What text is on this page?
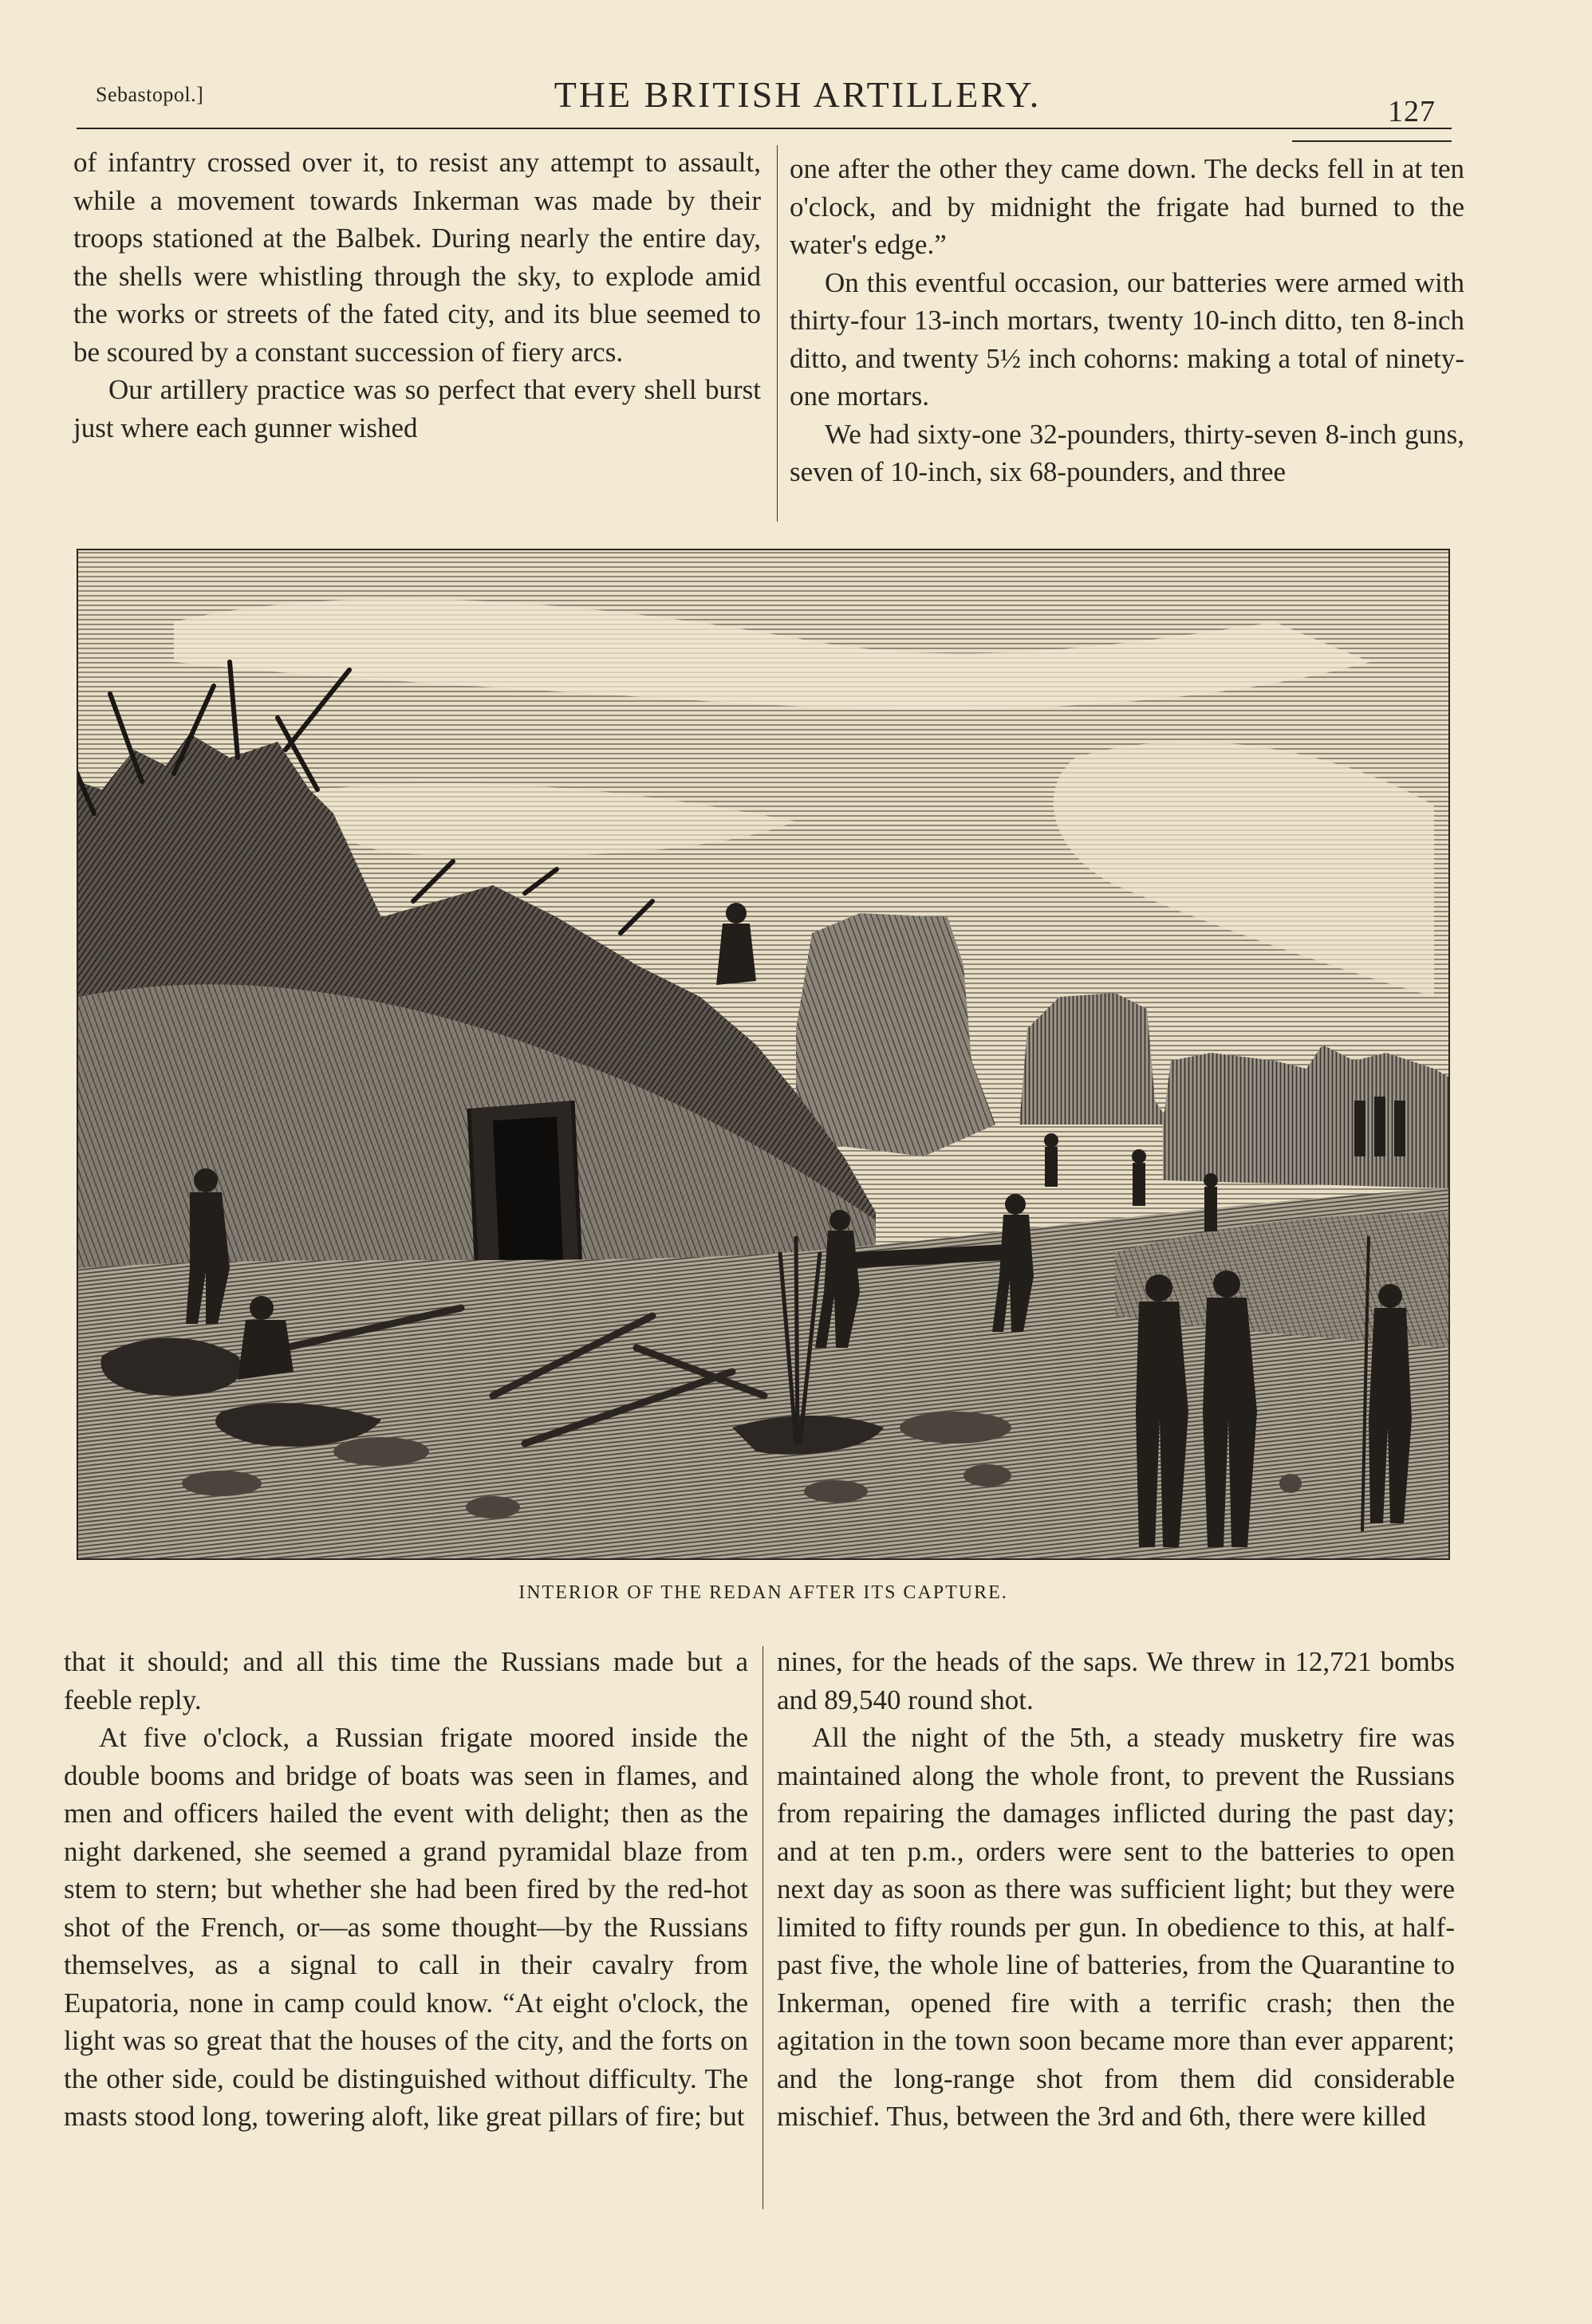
Sebastopol.]	THE BRITISH ARTILLERY.	127

of infantry crossed over it, to resist any attempt to assault, while a movement towards Inkerman was made by their troops stationed at the Balbek. During nearly the entire day, the shells were whistling through the sky, to explode amid the works or streets of the fated city, and its blue seemed to be scoured by a constant succession of fiery arcs.

Our artillery practice was so perfect that every shell burst just where each gunner wished

one after the other they came down. The decks fell in at ten o'clock, and by midnight the frigate had burned to the water's edge.”

On this eventful occasion, our batteries were armed with thirty-four 13-inch mortars, twenty 10-inch ditto, ten 8-inch ditto, and twenty 5½ inch cohorns: making a total of ninety-one mortars.

We had sixty-one 32-pounders, thirty-seven 8-inch guns, seven of 10-inch, six 68-pounders, and three

INTERIOR OF THE REDAN AFTER ITS CAPTURE.

that it should; and all this time the Russians made but a feeble reply.

At five o'clock, a Russian frigate moored inside the double booms and bridge of boats was seen in flames, and men and officers hailed the event with delight; then as the night darkened, she seemed a grand pyramidal blaze from stem to stern; but whether she had been fired by the red-hot shot of the French, or—as some thought—by the Russians themselves, as a signal to call in their cavalry from Eupatoria, none in camp could know. “At eight o'clock, the light was so great that the houses of the city, and the forts on the other side, could be distinguished without difficulty. The masts stood long, towering aloft, like great pillars of fire; but

nines, for the heads of the saps. We threw in 12,721 bombs and 89,540 round shot.

All the night of the 5th, a steady musketry fire was maintained along the whole front, to prevent the Russians from repairing the damages inflicted during the past day; and at ten p.m., orders were sent to the batteries to open next day as soon as there was sufficient light; but they were limited to fifty rounds per gun. In obedience to this, at half-past five, the whole line of batteries, from the Quarantine to Inkerman, opened fire with a terrific crash; then the agitation in the town soon became more than ever apparent; and the long-range shot from them did considerable mischief. Thus, between the 3rd and 6th, there were killed
